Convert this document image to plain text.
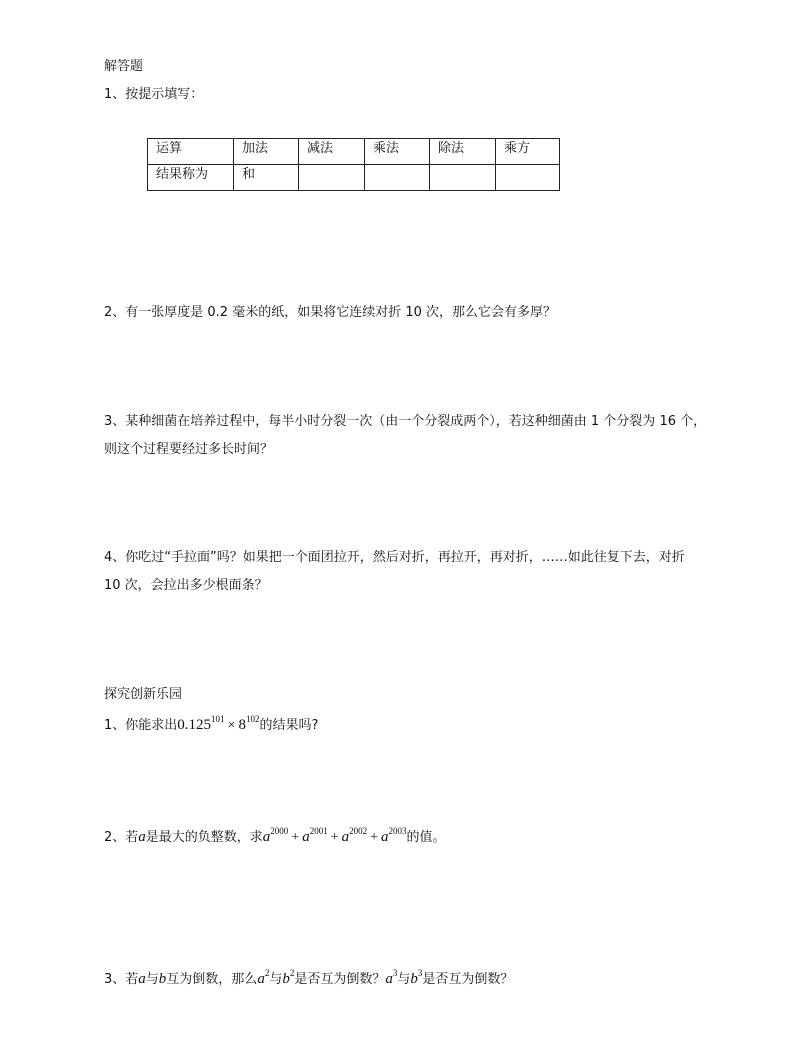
解答题
1、按提示填写：
运算	加法	减法	乘法	除法	乘方
结果称为	和				
2、有一张厚度是 0.2 毫米的纸，如果将它连续对折 10 次，那么它会有多厚？
3、某种细菌在培养过程中，每半小时分裂一次（由一个分裂成两个），若这种细菌由 1 个分裂为 16 个，
则这个过程要经过多长时间？
4、你吃过“手拉面”吗？如果把一个面团拉开，然后对折，再拉开，再对折，……如此往复下去，对折
10 次，会拉出多少根面条？
探究创新乐园
1、你能求出$0.125^{101} \times 8^{102}$的结果吗?
2、若a是最大的负整数，求$a^{2000} + a^{2001} + a^{2002} + a^{2003}$的值。
3、若a与b互为倒数，那么$a^2$与$b^2$是否互为倒数？$a^3$与$b^3$是否互为倒数？
